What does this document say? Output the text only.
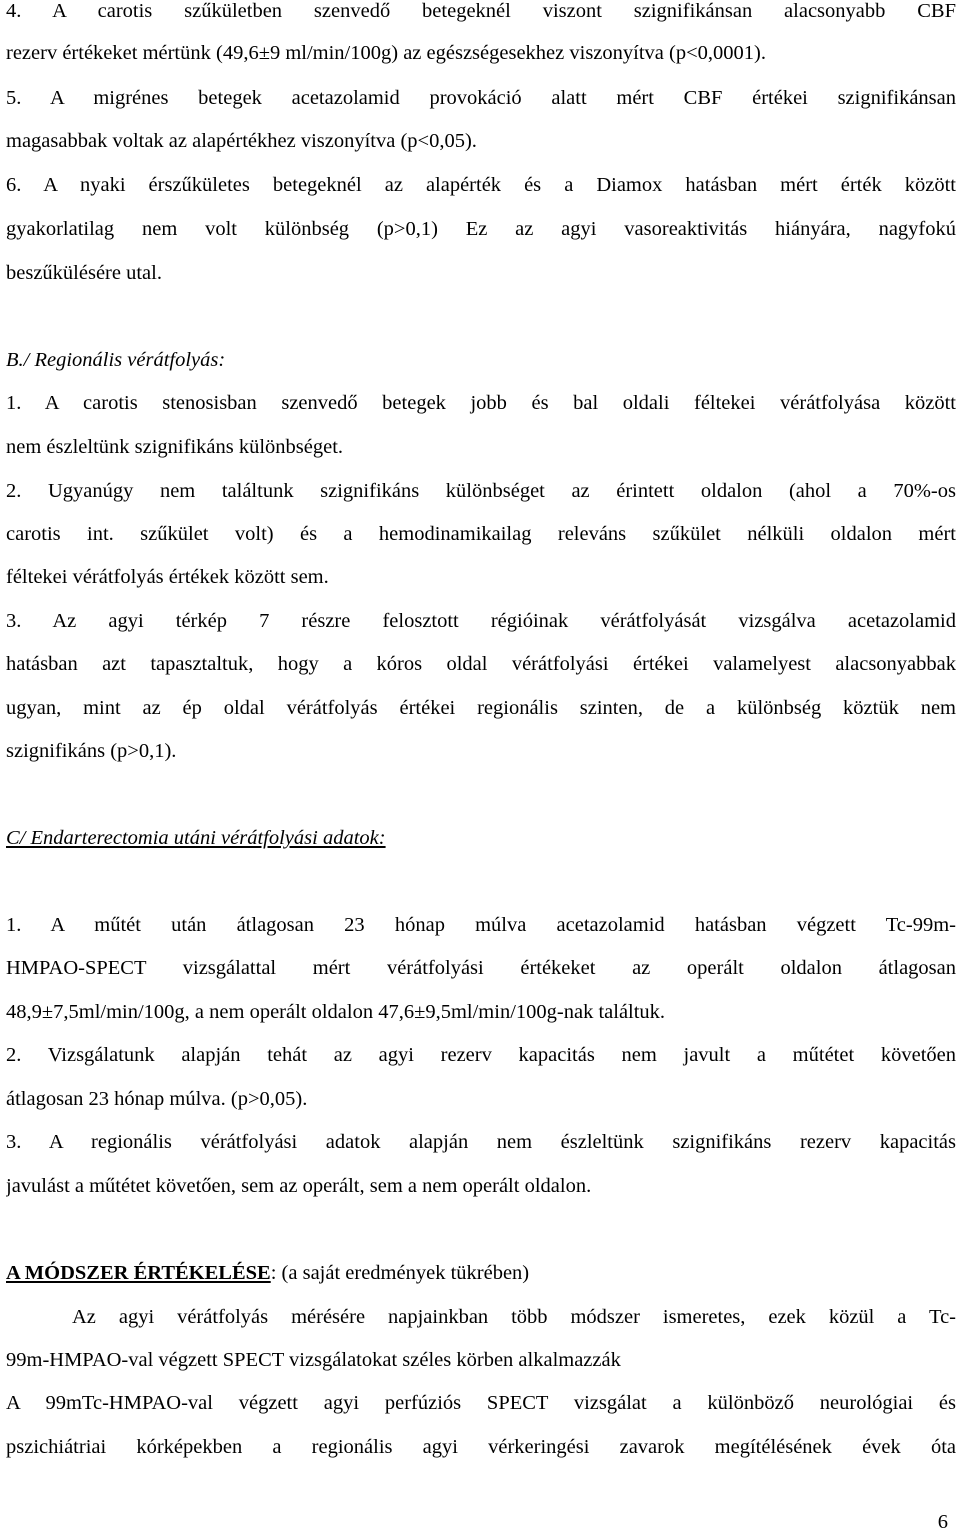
4. A carotis szűkületben szenvedő betegeknél viszont szignifikánsan alacsonyabb CBF
rezerv értékeket mértünk (49,6±9 ml/min/100g) az egészségesekhez viszonyítva (p<0,0001).
5. A migrénes betegek acetazolamid provokáció alatt mért CBF értékei szignifikánsan
magasabbak voltak az alapértékhez viszonyítva (p<0,05).
6. A nyaki érszűkületes betegeknél az alapérték és a Diamox hatásban mért érték között
gyakorlatilag nem volt különbség (p>0,1) Ez az agyi vasoreaktivitás hiányára, nagyfokú
beszűkülésére utal.
B./ Regionális vérátfolyás:
1. A carotis stenosisban szenvedő betegek jobb és bal oldali féltekei vérátfolyása között
nem észleltünk szignifikáns különbséget.
2. Ugyanúgy nem találtunk szignifikáns különbséget az érintett oldalon (ahol a 70%-os
carotis int. szűkület volt) és a hemodinamikailag releváns szűkület nélküli oldalon mért
féltekei vérátfolyás értékek között sem.
3. Az agyi térkép 7 részre felosztott régióinak vérátfolyását vizsgálva acetazolamid
hatásban azt tapasztaltuk, hogy a kóros oldal vérátfolyási értékei valamelyest alacsonyabbak
ugyan, mint az ép oldal vérátfolyás értékei regionális szinten, de a különbség köztük nem
szignifikáns (p>0,1).
C/ Endarterectomia utáni vérátfolyási adatok:
1. A műtét után átlagosan 23 hónap múlva acetazolamid hatásban végzett Tc-99m-
HMPAO-SPECT vizsgálattal mért vérátfolyási értékeket az operált oldalon átlagosan
48,9±7,5ml/min/100g, a nem operált oldalon 47,6±9,5ml/min/100g-nak találtuk.
2. Vizsgálatunk alapján tehát az agyi rezerv kapacitás nem javult a műtétet követően
átlagosan 23 hónap múlva. (p>0,05).
3. A regionális vérátfolyási adatok alapján nem észleltünk szignifikáns rezerv kapacitás
javulást a műtétet követően, sem az operált, sem a nem operált oldalon.
A MÓDSZER ÉRTÉKELÉSE: (a saját eredmények tükrében)
Az agyi vérátfolyás mérésére napjainkban több módszer ismeretes, ezek közül a Tc-
99m-HMPAO-val végzett SPECT vizsgálatokat széles körben alkalmazzák
A 99mTc-HMPAO-val végzett agyi perfúziós SPECT vizsgálat a különböző neurológiai és
pszichiátriai kórképekben a regionális agyi vérkeringési zavarok megítélésének évek óta
6
